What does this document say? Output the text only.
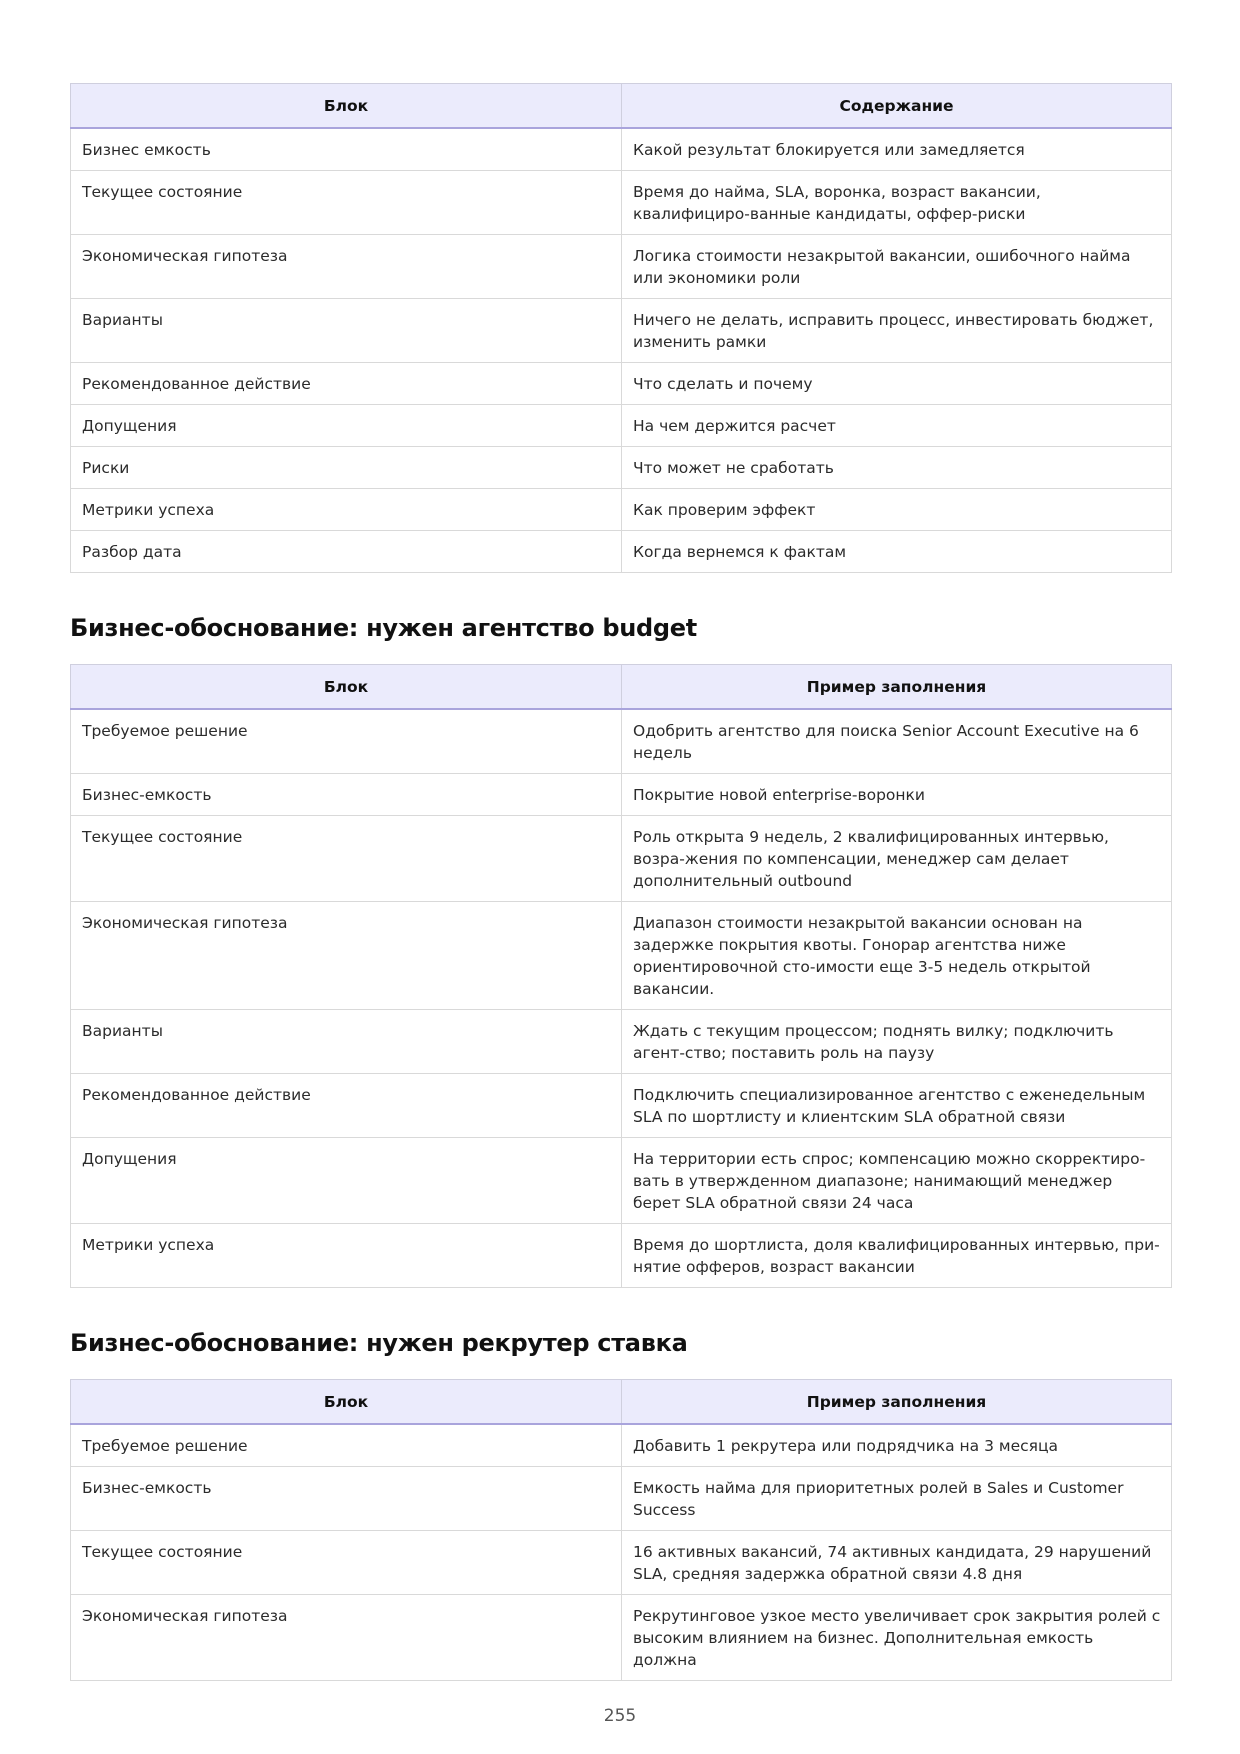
Блок	Содержание
Бизнес емкость	Какой результат блокируется или замедляется
Текущее состояние	Время до найма, SLA, воронка, возраст вакансии, квалифициро-ванные кандидаты, оффер-риски
Экономическая гипотеза	Логика стоимости незакрытой вакансии, ошибочного найма или экономики роли
Варианты	Ничего не делать, исправить процесс, инвестировать бюджет, изменить рамки
Рекомендованное действие	Что сделать и почему
Допущения	На чем держится расчет
Риски	Что может не сработать
Метрики успеха	Как проверим эффект
Разбор дата	Когда вернемся к фактам
Бизнес-обоснование: нужен агентство budget
Блок	Пример заполнения
Требуемое решение	Одобрить агентство для поиска Senior Account Executive на 6 недель
Бизнес-емкость	Покрытие новой enterprise-воронки
Текущее состояние	Роль открыта 9 недель, 2 квалифицированных интервью, возра-жения по компенсации, менеджер сам делает дополнительный outbound
Экономическая гипотеза	Диапазон стоимости незакрытой вакансии основан на задержке покрытия квоты. Гонорар агентства ниже ориентировочной сто-имости еще 3-5 недель открытой вакансии.
Варианты	Ждать с текущим процессом; поднять вилку; подключить агент-ство; поставить роль на паузу
Рекомендованное действие	Подключить специализированное агентство с еженедельным SLA по шортлисту и клиентским SLA обратной связи
Допущения	На территории есть спрос; компенсацию можно скорректиро-вать в утвержденном диапазоне; нанимающий менеджер берет SLA обратной связи 24 часа
Метрики успеха	Время до шортлиста, доля квалифицированных интервью, при-нятие офферов, возраст вакансии
Бизнес-обоснование: нужен рекрутер ставка
Блок	Пример заполнения
Требуемое решение	Добавить 1 рекрутера или подрядчика на 3 месяца
Бизнес-емкость	Емкость найма для приоритетных ролей в Sales и Customer Success
Текущее состояние	16 активных вакансий, 74 активных кандидата, 29 нарушений SLA, средняя задержка обратной связи 4.8 дня
Экономическая гипотеза	Рекрутинговое узкое место увеличивает срок закрытия ролей с высоким влиянием на бизнес. Дополнительная емкость должна
255
